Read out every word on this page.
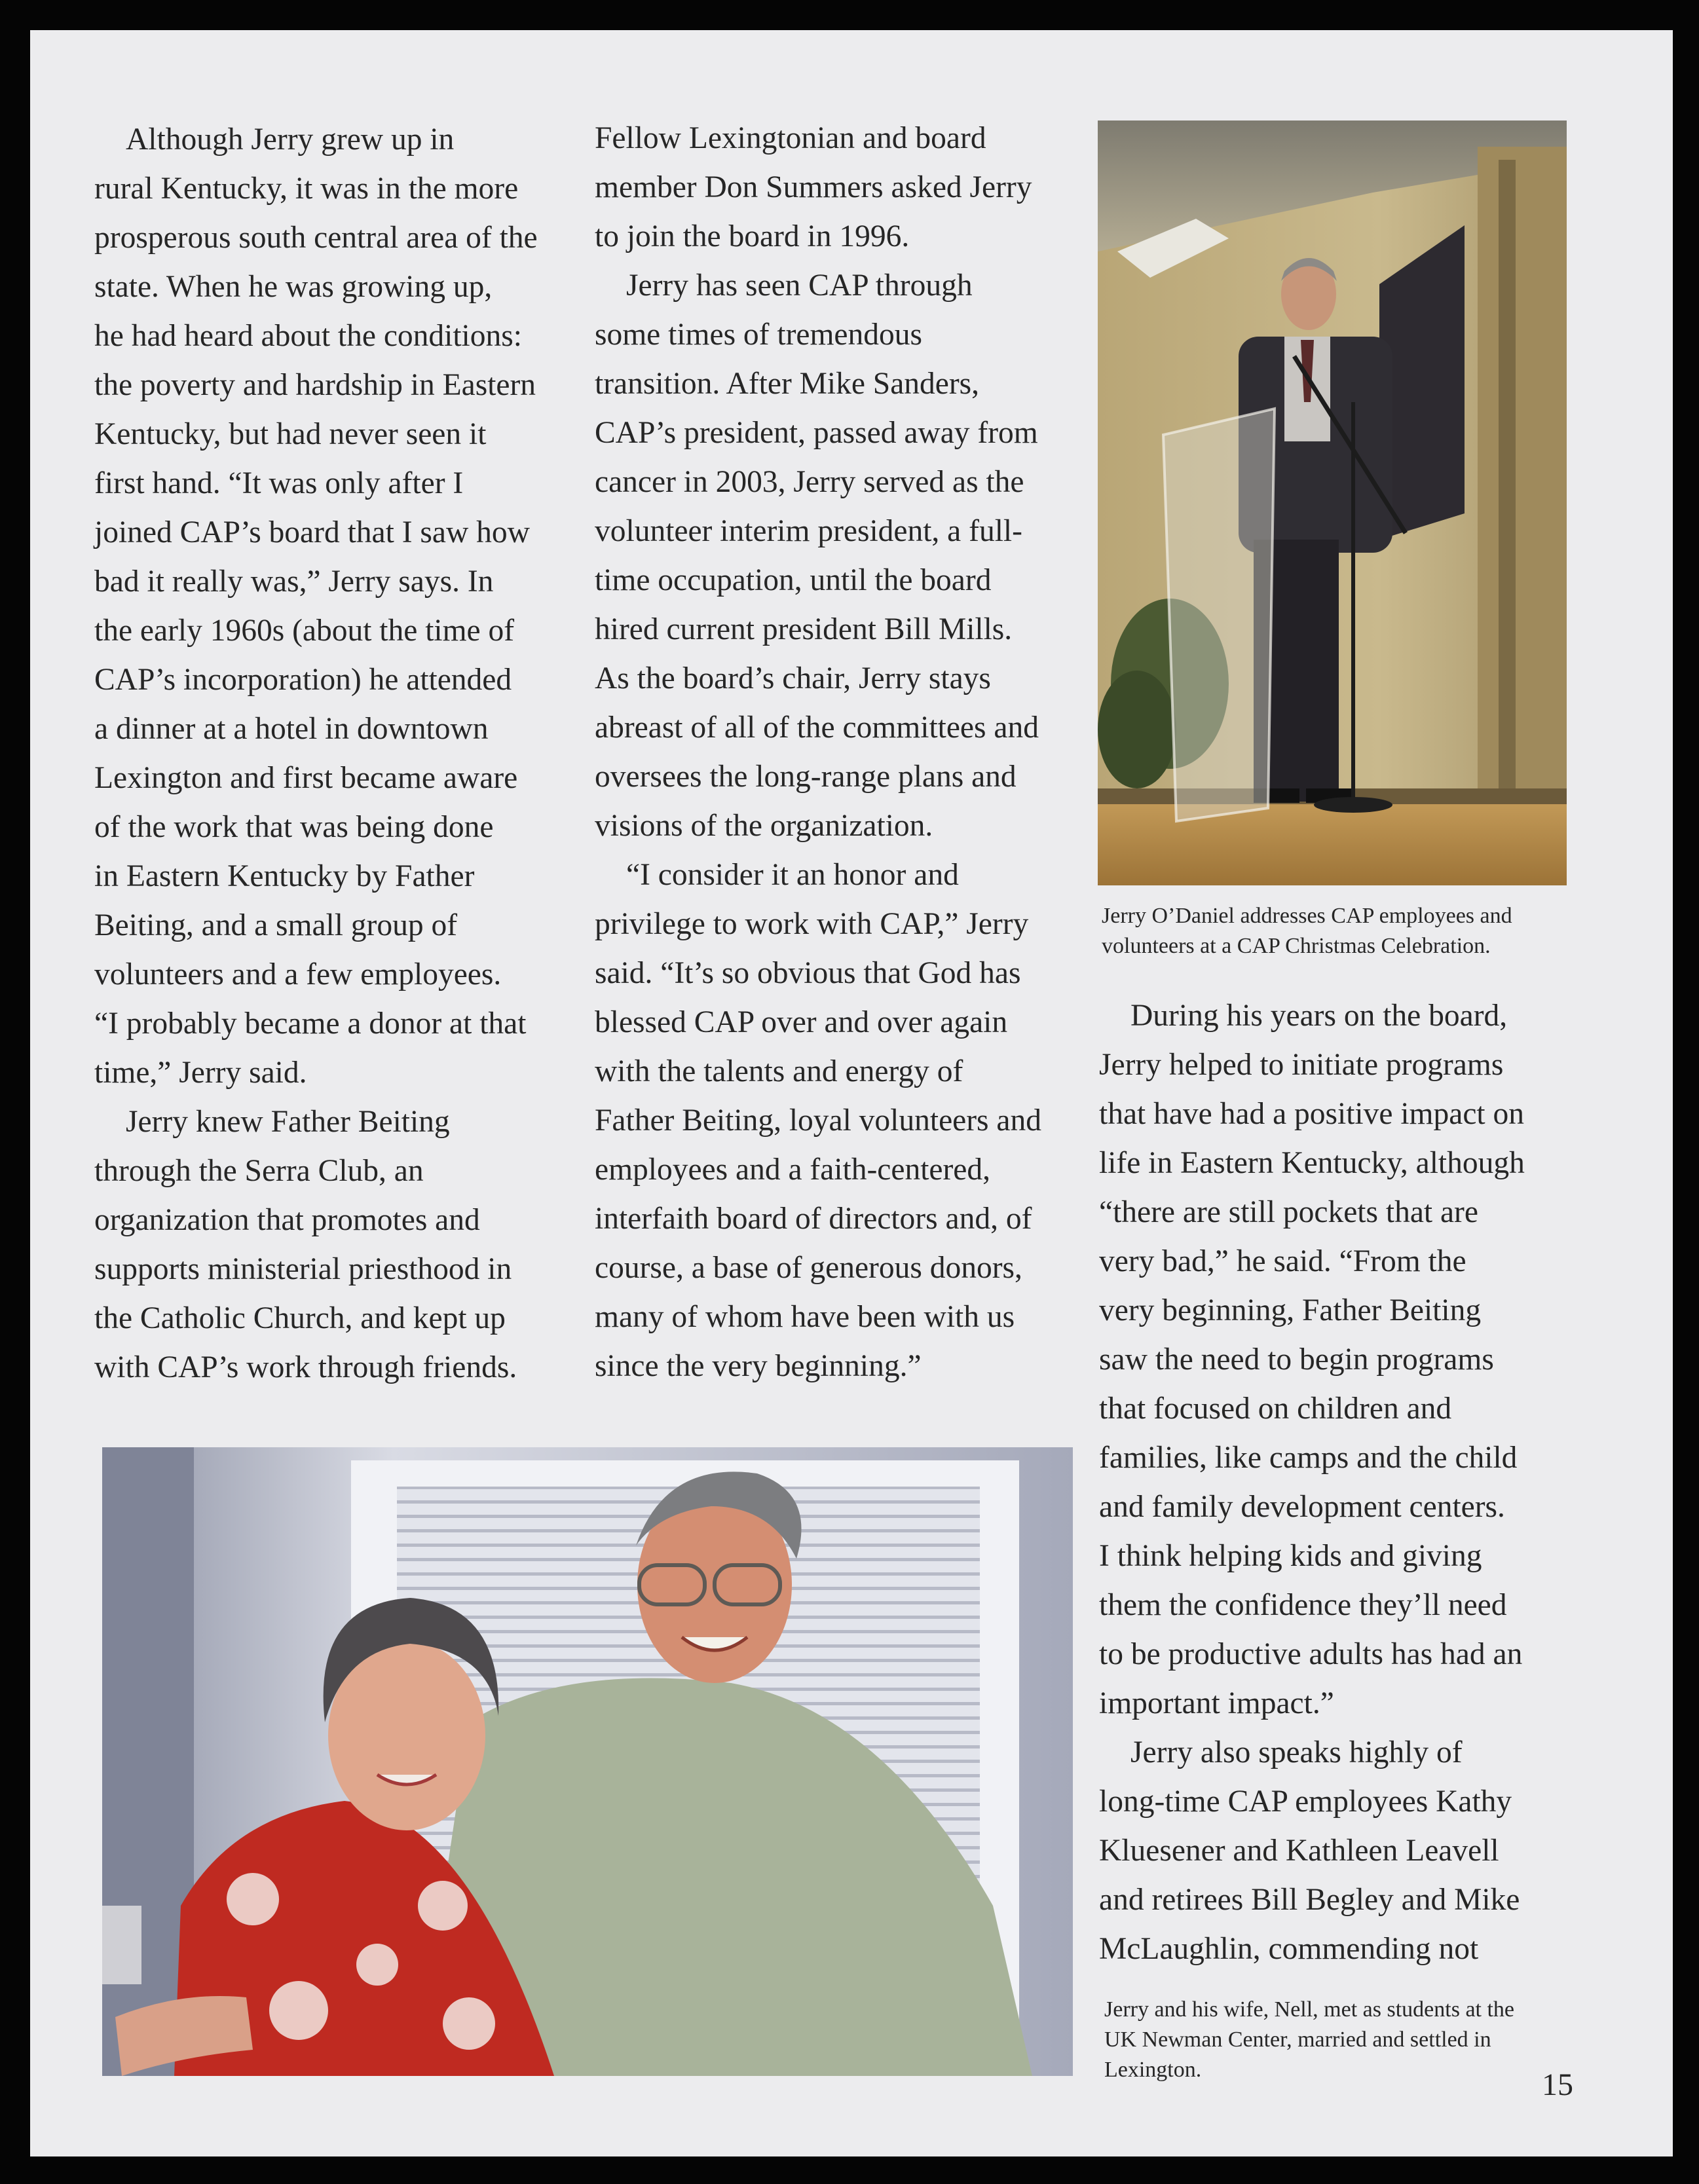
Although Jerry grew up in
rural Kentucky, it was in the more
prosperous south central area of the
state. When he was growing up,
he had heard about the conditions:
the poverty and hardship in Eastern
Kentucky, but had never seen it
first hand. “It was only after I
joined CAP’s board that I saw how
bad it really was,” Jerry says. In
the early 1960s (about the time of
CAP’s incorporation) he attended
a dinner at a hotel in downtown
Lexington and first became aware
of the work that was being done
in Eastern Kentucky by Father
Beiting, and a small group of
volunteers and a few employees.
“I probably became a donor at that
time,” Jerry said.
Jerry knew Father Beiting
through the Serra Club, an
organization that promotes and
supports ministerial priesthood in
the Catholic Church, and kept up
with CAP’s work through friends.
Fellow Lexingtonian and board
member Don Summers asked Jerry
to join the board in 1996.
Jerry has seen CAP through
some times of tremendous
transition. After Mike Sanders,
CAP’s president, passed away from
cancer in 2003, Jerry served as the
volunteer interim president, a full-
time occupation, until the board
hired current president Bill Mills.
As the board’s chair, Jerry stays
abreast of all of the committees and
oversees the long-range plans and
visions of the organization.
“I consider it an honor and
privilege to work with CAP,” Jerry
said. “It’s so obvious that God has
blessed CAP over and over again
with the talents and energy of
Father Beiting, loyal volunteers and
employees and a faith-centered,
interfaith board of directors and, of
course, a base of generous donors,
many of whom have been with us
since the very beginning.”
Jerry O’Daniel addresses CAP employees and
volunteers at a CAP Christmas Celebration.
During his years on the board,
Jerry helped to initiate programs
that have had a positive impact on
life in Eastern Kentucky, although
“there are still pockets that are
very bad,” he said. “From the
very beginning, Father Beiting
saw the need to begin programs
that focused on children and
families, like camps and the child
and family development centers.
I think helping kids and giving
them the confidence they’ll need
to be productive adults has had an
important impact.”
Jerry also speaks highly of
long-time CAP employees Kathy
Kluesener and Kathleen Leavell
and retirees Bill Begley and Mike
McLaughlin, commending not
Jerry and his wife, Nell, met as students at the
UK Newman Center, married and settled in
Lexington.	15
